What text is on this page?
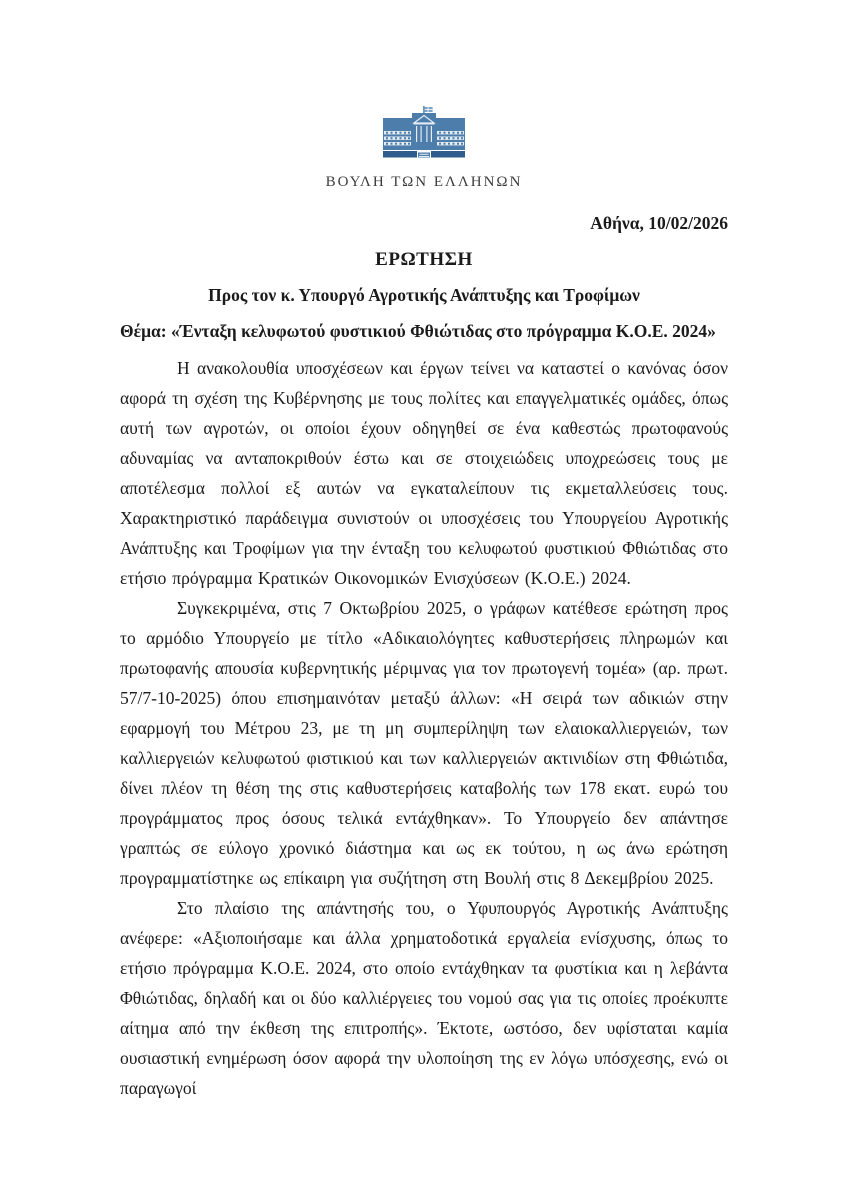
ΒΟΥΛΗ ΤΩΝ ΕΛΛΗΝΩΝ
Αθήνα, 10/02/2026
ΕΡΩΤΗΣΗ
Προς τον κ. Υπουργό Αγροτικής Ανάπτυξης και Τροφίμων
Θέμα: «Ένταξη κελυφωτού φυστικιού Φθιώτιδας στο πρόγραμμα Κ.Ο.Ε. 2024»

Η ανακολουθία υποσχέσεων και έργων τείνει να καταστεί ο κανόνας όσον αφορά τη σχέση της Κυβέρνησης με τους πολίτες και επαγγελματικές ομάδες, όπως αυτή των αγροτών, οι οποίοι έχουν οδηγηθεί σε ένα καθεστώς πρωτοφανούς αδυναμίας να ανταποκριθούν έστω και σε στοιχειώδεις υποχρεώσεις τους με αποτέλεσμα πολλοί εξ αυτών να εγκαταλείπουν τις εκμεταλλεύσεις τους. Χαρακτηριστικό παράδειγμα συνιστούν οι υποσχέσεις του Υπουργείου Αγροτικής Ανάπτυξης και Τροφίμων για την ένταξη του κελυφωτού φυστικιού Φθιώτιδας στο ετήσιο πρόγραμμα Κρατικών Οικονομικών Ενισχύσεων (Κ.Ο.Ε.) 2024.

Συγκεκριμένα, στις 7 Οκτωβρίου 2025, ο γράφων κατέθεσε ερώτηση προς το αρμόδιο Υπουργείο με τίτλο «Αδικαιολόγητες καθυστερήσεις πληρωμών και πρωτοφανής απουσία κυβερνητικής μέριμνας για τον πρωτογενή τομέα» (αρ. πρωτ. 57/7-10-2025) όπου επισημαινόταν μεταξύ άλλων: «Η σειρά των αδικιών στην εφαρμογή του Μέτρου 23, με τη μη συμπερίληψη των ελαιοκαλλιεργειών, των καλλιεργειών κελυφωτού φιστικιού και των καλλιεργειών ακτινιδίων στη Φθιώτιδα, δίνει πλέον τη θέση της στις καθυστερήσεις καταβολής των 178 εκατ. ευρώ του προγράμματος προς όσους τελικά εντάχθηκαν». Το Υπουργείο δεν απάντησε γραπτώς σε εύλογο χρονικό διάστημα και ως εκ τούτου, η ως άνω ερώτηση προγραμματίστηκε ως επίκαιρη για συζήτηση στη Βουλή στις 8 Δεκεμβρίου 2025.

Στο πλαίσιο της απάντησής του, ο Υφυπουργός Αγροτικής Ανάπτυξης ανέφερε: «Αξιοποιήσαμε και άλλα χρηματοδοτικά εργαλεία ενίσχυσης, όπως το ετήσιο πρόγραμμα Κ.Ο.Ε. 2024, στο οποίο εντάχθηκαν τα φυστίκια και η λεβάντα Φθιώτιδας, δηλαδή και οι δύο καλλιέργειες του νομού σας για τις οποίες προέκυπτε αίτημα από την έκθεση της επιτροπής». Έκτοτε, ωστόσο, δεν υφίσταται καμία ουσιαστική ενημέρωση όσον αφορά την υλοποίηση της εν λόγω υπόσχεσης, ενώ οι παραγωγοί
